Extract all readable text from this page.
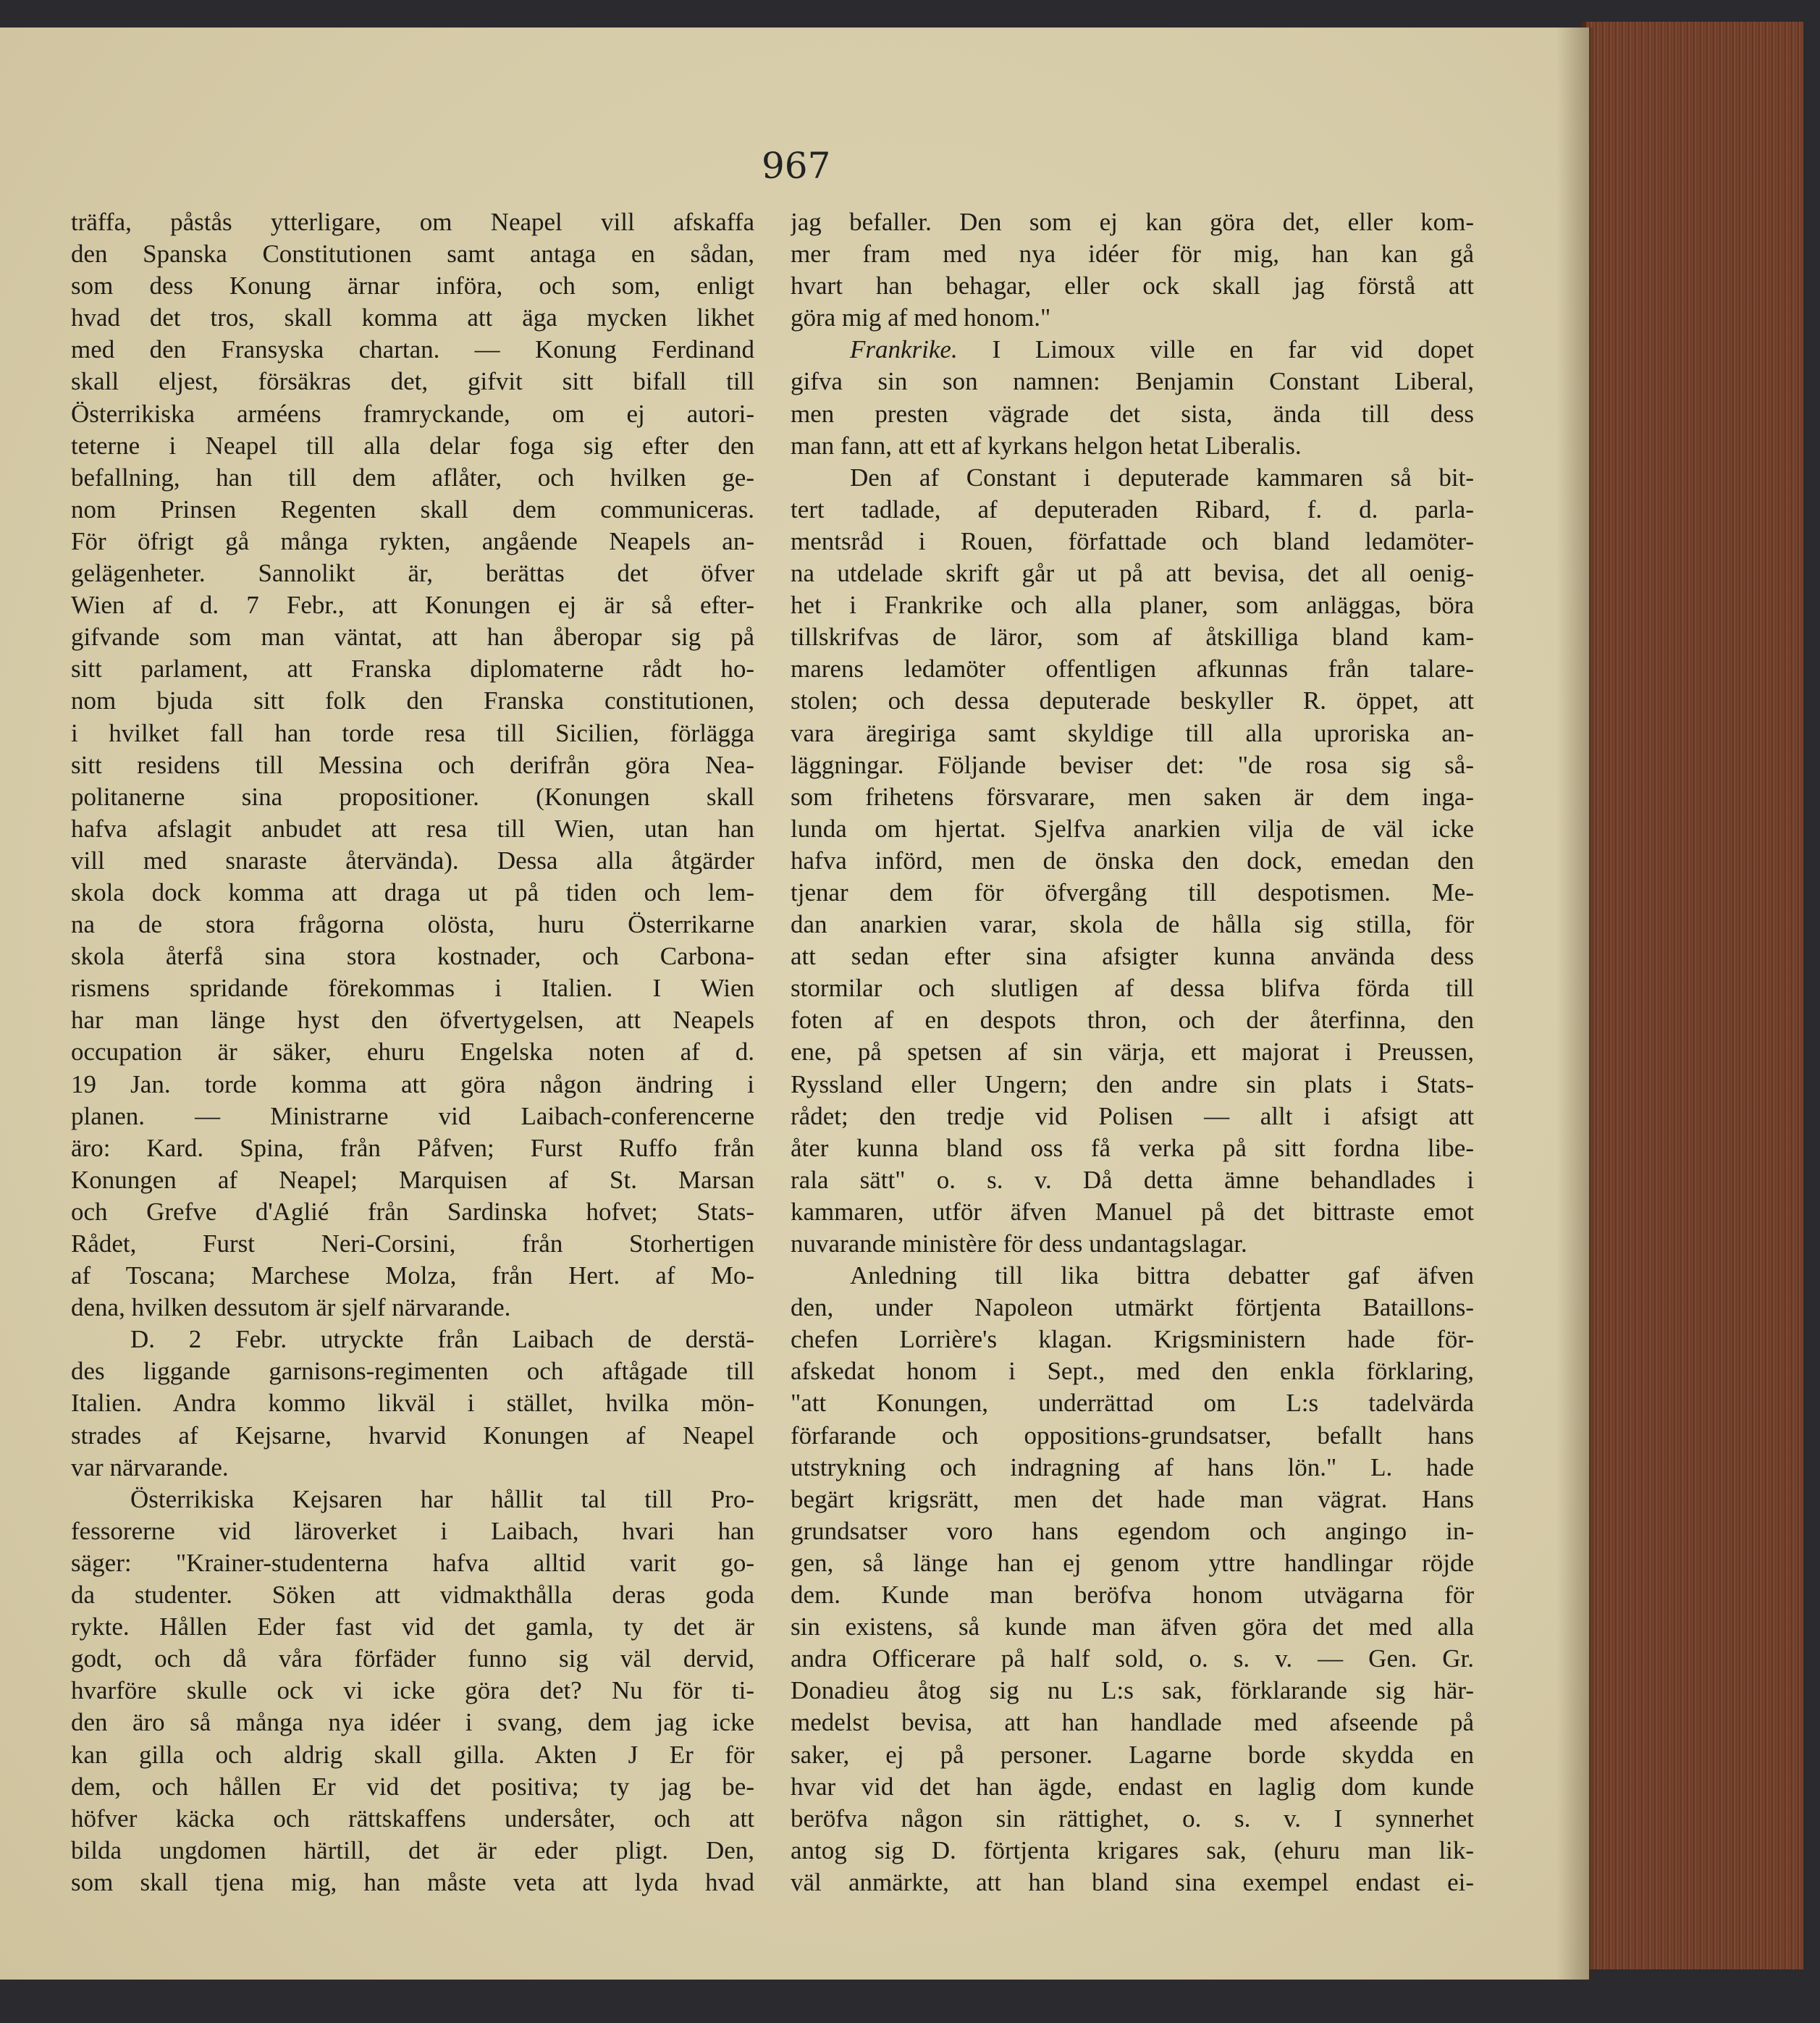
967
träffa, påstås ytterligare, om Neapel vill afskaffa
den Spanska Constitutionen samt antaga en sådan,
som dess Konung ärnar införa, och som, enligt
hvad det tros, skall komma att äga mycken likhet
med den Fransyska chartan. — Konung Ferdinand
skall eljest, försäkras det, gifvit sitt bifall till
Österrikiska arméens framryckande, om ej autori-
teterne i Neapel till alla delar foga sig efter den
befallning, han till dem aflåter, och hvilken ge-
nom Prinsen Regenten skall dem communiceras.
För öfrigt gå många rykten, angående Neapels an-
gelägenheter. Sannolikt är, berättas det öfver
Wien af d. 7 Febr., att Konungen ej är så efter-
gifvande som man väntat, att han åberopar sig på
sitt parlament, att Franska diplomaterne rådt ho-
nom bjuda sitt folk den Franska constitutionen,
i hvilket fall han torde resa till Sicilien, förlägga
sitt residens till Messina och derifrån göra Nea-
politanerne sina propositioner. (Konungen skall
hafva afslagit anbudet att resa till Wien, utan han
vill med snaraste återvända). Dessa alla åtgärder
skola dock komma att draga ut på tiden och lem-
na de stora frågorna olösta, huru Österrikarne
skola återfå sina stora kostnader, och Carbona-
rismens spridande förekommas i Italien. I Wien
har man länge hyst den öfvertygelsen, att Neapels
occupation är säker, ehuru Engelska noten af d.
19 Jan. torde komma att göra någon ändring i
planen. — Ministrarne vid Laibach-conferencerne
äro: Kard. Spina, från Påfven; Furst Ruffo från
Konungen af Neapel; Marquisen af St. Marsan
och Grefve d'Aglié från Sardinska hofvet; Stats-
Rådet, Furst Neri-Corsini, från Storhertigen
af Toscana; Marchese Molza, från Hert. af Mo-
dena, hvilken dessutom är sjelf närvarande.
D. 2 Febr. utryckte från Laibach de derstä-
des liggande garnisons-regimenten och aftågade till
Italien. Andra kommo likväl i stället, hvilka mön-
strades af Kejsarne, hvarvid Konungen af Neapel
var närvarande.
Österrikiska Kejsaren har hållit tal till Pro-
fessorerne vid läroverket i Laibach, hvari han
säger: "Krainer-studenterna hafva alltid varit go-
da studenter. Söken att vidmakthålla deras goda
rykte. Hållen Eder fast vid det gamla, ty det är
godt, och då våra förfäder funno sig väl dervid,
hvarföre skulle ock vi icke göra det? Nu för ti-
den äro så många nya idéer i svang, dem jag icke
kan gilla och aldrig skall gilla. Akten J Er för
dem, och hållen Er vid det positiva; ty jag be-
höfver käcka och rättskaffens undersåter, och att
bilda ungdomen härtill, det är eder pligt. Den,
som skall tjena mig, han måste veta att lyda hvad
jag befaller. Den som ej kan göra det, eller kom-
mer fram med nya idéer för mig, han kan gå
hvart han behagar, eller ock skall jag förstå att
göra mig af med honom."
Frankrike. I Limoux ville en far vid dopet
gifva sin son namnen: Benjamin Constant Liberal,
men presten vägrade det sista, ända till dess
man fann, att ett af kyrkans helgon hetat Liberalis.
Den af Constant i deputerade kammaren så bit-
tert tadlade, af deputeraden Ribard, f. d. parla-
mentsråd i Rouen, författade och bland ledamöter-
na utdelade skrift går ut på att bevisa, det all oenig-
het i Frankrike och alla planer, som anläggas, böra
tillskrifvas de läror, som af åtskilliga bland kam-
marens ledamöter offentligen afkunnas från talare-
stolen; och dessa deputerade beskyller R. öppet, att
vara äregiriga samt skyldige till alla uproriska an-
läggningar. Följande beviser det: "de rosa sig så-
som frihetens försvarare, men saken är dem inga-
lunda om hjertat. Sjelfva anarkien vilja de väl icke
hafva införd, men de önska den dock, emedan den
tjenar dem för öfvergång till despotismen. Me-
dan anarkien varar, skola de hålla sig stilla, för
att sedan efter sina afsigter kunna använda dess
stormilar och slutligen af dessa blifva förda till
foten af en despots thron, och der återfinna, den
ene, på spetsen af sin värja, ett majorat i Preussen,
Ryssland eller Ungern; den andre sin plats i Stats-
rådet; den tredje vid Polisen — allt i afsigt att
åter kunna bland oss få verka på sitt fordna libe-
rala sätt" o. s. v. Då detta ämne behandlades i
kammaren, utför äfven Manuel på det bittraste emot
nuvarande ministère för dess undantagslagar.
Anledning till lika bittra debatter gaf äfven
den, under Napoleon utmärkt förtjenta Bataillons-
chefen Lorrière's klagan. Krigsministern hade för-
afskedat honom i Sept., med den enkla förklaring,
"att Konungen, underrättad om L:s tadelvärda
förfarande och oppositions-grundsatser, befallt hans
utstrykning och indragning af hans lön." L. hade
begärt krigsrätt, men det hade man vägrat. Hans
grundsatser voro hans egendom och angingo in-
gen, så länge han ej genom yttre handlingar röjde
dem. Kunde man beröfva honom utvägarna för
sin existens, så kunde man äfven göra det med alla
andra Officerare på half sold, o. s. v. — Gen. Gr.
Donadieu åtog sig nu L:s sak, förklarande sig här-
medelst bevisa, att han handlade med afseende på
saker, ej på personer. Lagarne borde skydda en
hvar vid det han ägde, endast en laglig dom kunde
beröfva någon sin rättighet, o. s. v. I synnerhet
antog sig D. förtjenta krigares sak, (ehuru man lik-
väl anmärkte, att han bland sina exempel endast ei-
